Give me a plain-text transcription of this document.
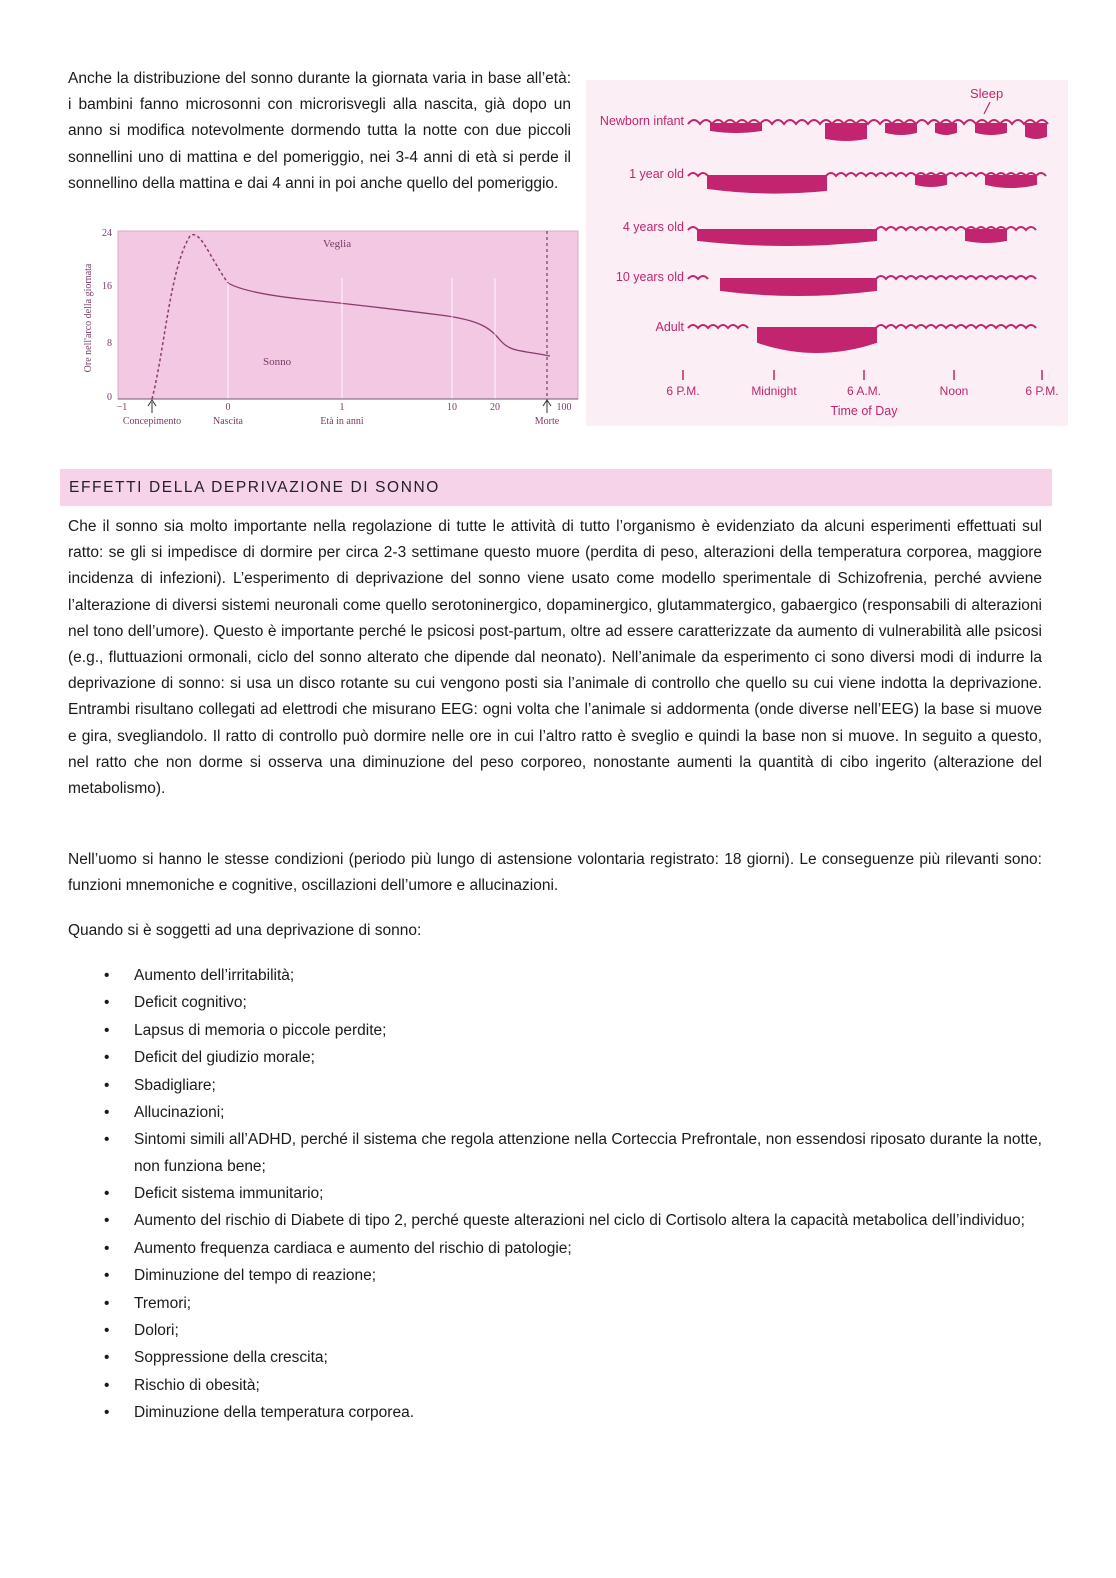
Anche la distribuzione del sonno durante la giornata varia in base all’età: i bambini fanno microsonni con microrisvegli alla nascita, già dopo un anno si modifica notevolmente dormendo tutta la notte con due piccoli sonnellini uno di mattina e del pomeriggio, nei 3-4 anni di età si perde il sonnellino della mattina e dai 4 anni in poi anche quello del pomeriggio.

Ore nell'arco della giornata
24
16
8
0
Veglia
Sonno
−1	0	1	10	20	100
Concepimento	Nascita	Età in anni	Morte
Sleep
Newborn infant
1 year old
4 years old
10 years old
Adult
6 P.M.	Midnight	6 A.M.	Noon	6 P.M.
Time of Day
EFFETTI DELLA DEPRIVAZIONE DI SONNO

Che il sonno sia molto importante nella regolazione di tutte le attività di tutto l’organismo è evidenziato da alcuni esperimenti effettuati sul ratto: se gli si impedisce di dormire per circa 2-3 settimane questo muore (perdita di peso, alterazioni della temperatura corporea, maggiore incidenza di infezioni). L’esperimento di deprivazione del sonno viene usato come modello sperimentale di Schizofrenia, perché avviene l’alterazione di diversi sistemi neuronali come quello serotoninergico, dopaminergico, glutammatergico, gabaergico (responsabili di alterazioni nel tono dell’umore). Questo è importante perché le psicosi post-partum, oltre ad essere caratterizzate da aumento di vulnerabilità alle psicosi (e.g., fluttuazioni ormonali, ciclo del sonno alterato che dipende dal neonato). Nell’animale da esperimento ci sono diversi modi di indurre la deprivazione di sonno: si usa un disco rotante su cui vengono posti sia l’animale di controllo che quello su cui viene indotta la deprivazione. Entrambi risultano collegati ad elettrodi che misurano EEG: ogni volta che l’animale si addormenta (onde diverse nell’EEG) la base si muove e gira, svegliandolo. Il ratto di controllo può dormire nelle ore in cui l’altro ratto è sveglio e quindi la base non si muove. In seguito a questo, nel ratto che non dorme si osserva una diminuzione del peso corporeo, nonostante aumenti la quantità di cibo ingerito (alterazione del metabolismo).

Nell’uomo si hanno le stesse condizioni (periodo più lungo di astensione volontaria registrato: 18 giorni). Le conseguenze più rilevanti sono: funzioni mnemoniche e cognitive, oscillazioni dell’umore e allucinazioni.

Quando si è soggetti ad una deprivazione di sonno:

• Aumento dell’irritabilità;
• Deficit cognitivo;
• Lapsus di memoria o piccole perdite;
• Deficit del giudizio morale;
• Sbadigliare;
• Allucinazioni;
• Sintomi simili all’ADHD, perché il sistema che regola attenzione nella Corteccia Prefrontale, non essendosi riposato durante la notte, non funziona bene;
• Deficit sistema immunitario;
• Aumento del rischio di Diabete di tipo 2, perché queste alterazioni nel ciclo di Cortisolo altera la capacità metabolica dell’individuo;
• Aumento frequenza cardiaca e aumento del rischio di patologie;
• Diminuzione del tempo di reazione;
• Tremori;
• Dolori;
• Soppressione della crescita;
• Rischio di obesità;
• Diminuzione della temperatura corporea.
